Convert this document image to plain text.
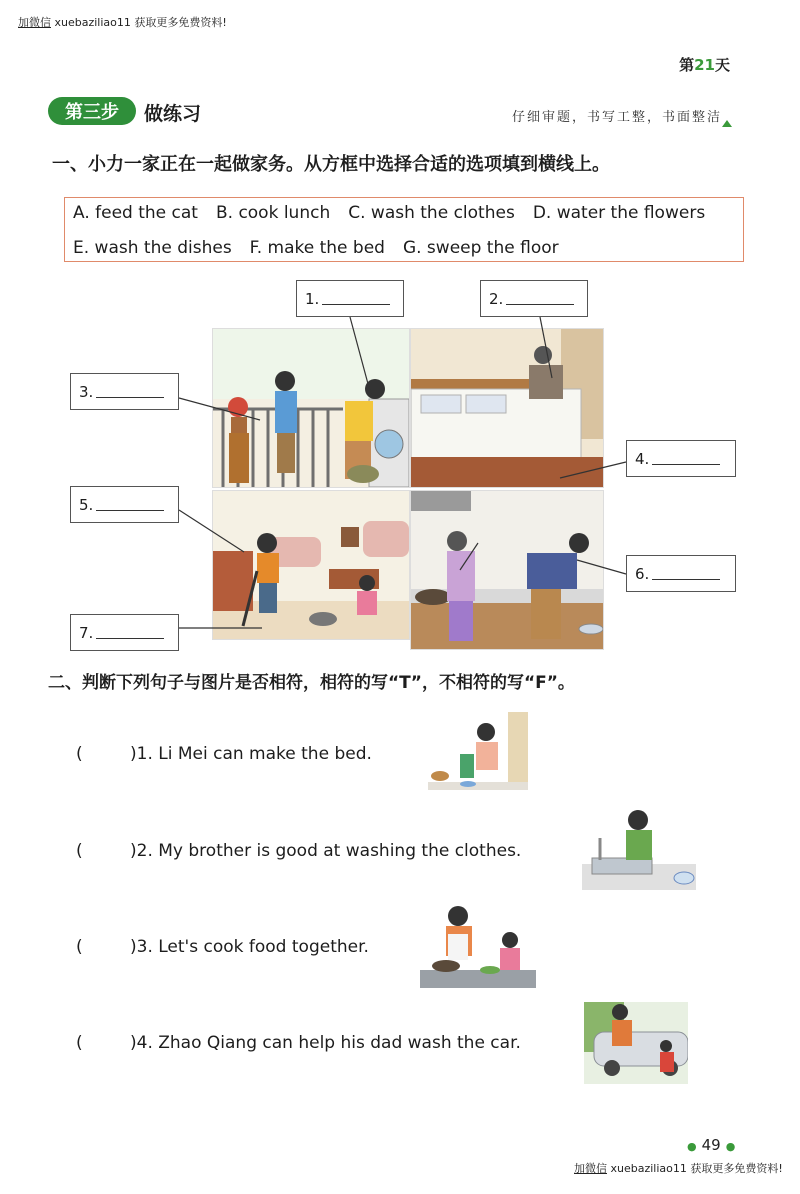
加微信 xuebaziliao11 获取更多免费资料!
第21天
第三步	做练习	仔细审题，书写工整，书面整洁
一、小力一家正在一起做家务。从方框中选择合适的选项填到横线上。
A. feed the cat B. cook lunch C. wash the clothes D. water the flowers
E. wash the dishes F. make the bed G. sweep the floor
1.	2.
3.
4.
5.
6.
7.
二、判断下列句子与图片是否相符，相符的写“T”，不相符的写“F”。
(	) 1. Li Mei can make the bed.
(	) 2. My brother is good at washing the clothes.
(	) 3. Let's cook food together.
(	) 4. Zhao Qiang can help his dad wash the car.
● 49 ●
加微信 xuebaziliao11 获取更多免费资料!
